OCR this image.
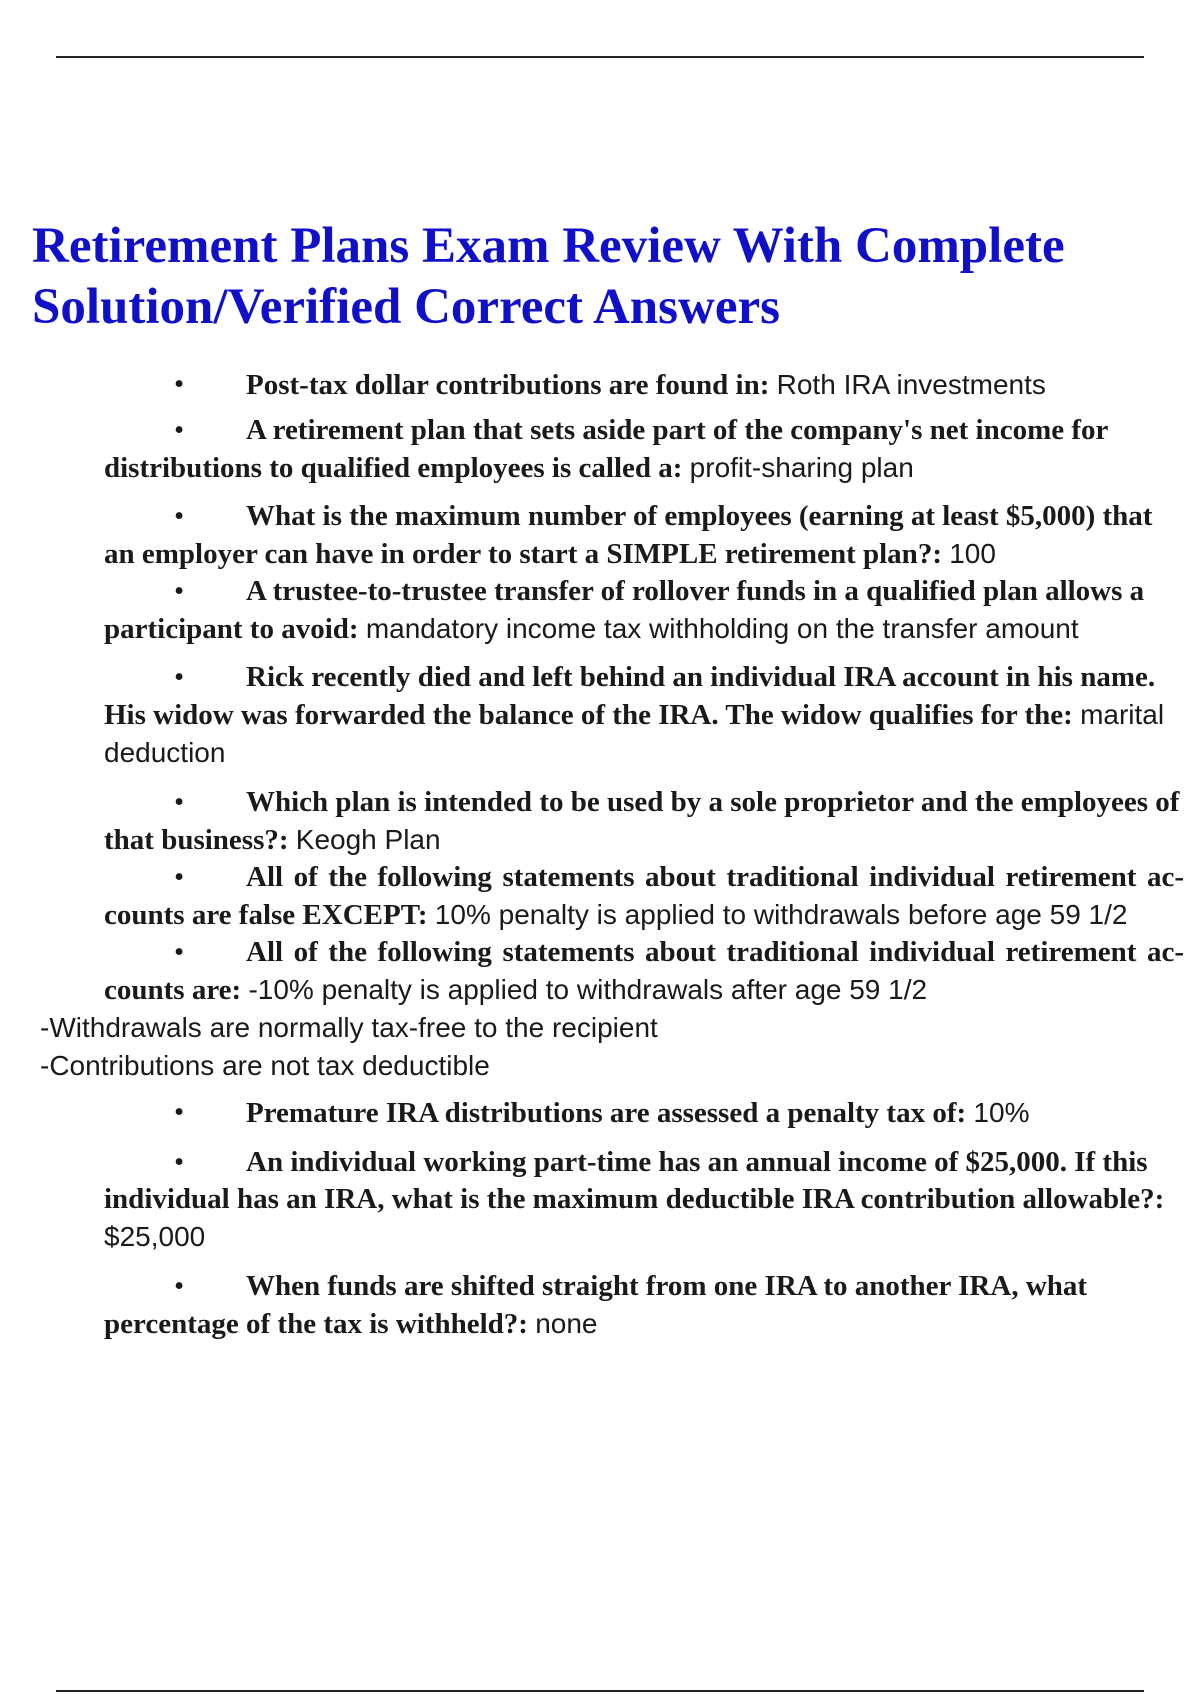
Retirement Plans Exam Review With Complete Solution/Verified Correct Answers
•	Post-tax dollar contributions are found in: Roth IRA investments
•	A retirement plan that sets aside part of the company's net income for distributions to qualified employees is called a: profit-sharing plan
•	What is the maximum number of employees (earning at least $5,000) that an employer can have in order to start a SIMPLE retirement plan?: 100
•	A trustee-to-trustee transfer of rollover funds in a qualified plan allows a participant to avoid: mandatory income tax withholding on the transfer amount
•	Rick recently died and left behind an individual IRA account in his name. His widow was forwarded the balance of the IRA. The widow qualifies for the: marital deduction
•	Which plan is intended to be used by a sole proprietor and the employees of that business?: Keogh Plan
•	All of the following statements about traditional individual retirement ac- counts are false EXCEPT: 10% penalty is applied to withdrawals before age 59 1/2
•	All of the following statements about traditional individual retirement ac- counts are: -10% penalty is applied to withdrawals after age 59 1/2
-Withdrawals are normally tax-free to the recipient
-Contributions are not tax deductible
•	Premature IRA distributions are assessed a penalty tax of: 10%
•	An individual working part-time has an annual income of $25,000. If this individual has an IRA, what is the maximum deductible IRA contribution allowable?: $25,000
•	When funds are shifted straight from one IRA to another IRA, what percentage of the tax is withheld?: none
